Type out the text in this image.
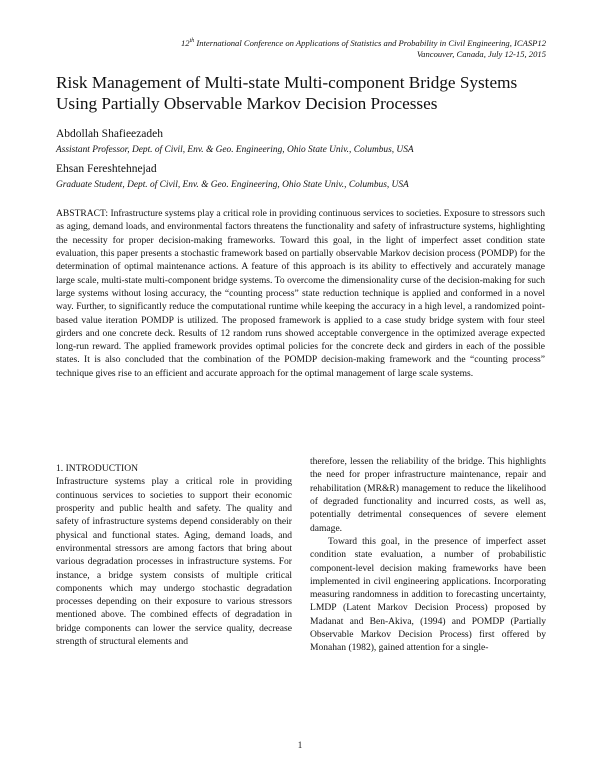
12th International Conference on Applications of Statistics and Probability in Civil Engineering, ICASP12
Vancouver, Canada, July 12-15, 2015
Risk Management of Multi-state Multi-component Bridge Systems Using Partially Observable Markov Decision Processes
Abdollah Shafieezadeh
Assistant Professor, Dept. of Civil, Env. & Geo. Engineering, Ohio State Univ., Columbus, USA
Ehsan Fereshtehnejad
Graduate Student, Dept. of Civil, Env. & Geo. Engineering, Ohio State Univ., Columbus, USA

ABSTRACT: Infrastructure systems play a critical role in providing continuous services to societies. Exposure to stressors such as aging, demand loads, and environmental factors threatens the functionality and safety of infrastructure systems, highlighting the necessity for proper decision-making frameworks. Toward this goal, in the light of imperfect asset condition state evaluation, this paper presents a stochastic framework based on partially observable Markov decision process (POMDP) for the determination of optimal maintenance actions. A feature of this approach is its ability to effectively and accurately manage large scale, multi-state multi-component bridge systems. To overcome the dimensionality curse of the decision-making for such large systems without losing accuracy, the “counting process” state reduction technique is applied and conformed in a novel way. Further, to significantly reduce the computational runtime while keeping the accuracy in a high level, a randomized point-based value iteration POMDP is utilized. The proposed framework is applied to a case study bridge system with four steel girders and one concrete deck. Results of 12 random runs showed acceptable convergence in the optimized average expected long-run reward. The applied framework provides optimal policies for the concrete deck and girders in each of the possible states. It is also concluded that the combination of the POMDP decision-making framework and the “counting process” technique gives rise to an efficient and accurate approach for the optimal management of large scale systems.

1. INTRODUCTION

Infrastructure systems play a critical role in providing continuous services to societies to support their economic prosperity and public health and safety. The quality and safety of infrastructure systems depend considerably on their physical and functional states. Aging, demand loads, and environmental stressors are among factors that bring about various degradation processes in infrastructure systems. For instance, a bridge system consists of multiple critical components which may undergo stochastic degradation processes depending on their exposure to various stressors mentioned above. The combined effects of degradation in bridge components can lower the service quality, decrease strength of structural elements and

therefore, lessen the reliability of the bridge. This highlights the need for proper infrastructure maintenance, repair and rehabilitation (MR&R) management to reduce the likelihood of degraded functionality and incurred costs, as well as, potentially detrimental consequences of severe element damage.

Toward this goal, in the presence of imperfect asset condition state evaluation, a number of probabilistic component-level decision making frameworks have been implemented in civil engineering applications. Incorporating measuring randomness in addition to forecasting uncertainty, LMDP (Latent Markov Decision Process) proposed by Madanat and Ben-Akiva, (1994) and POMDP (Partially Observable Markov Decision Process) first offered by Monahan (1982), gained attention for a single-

1
